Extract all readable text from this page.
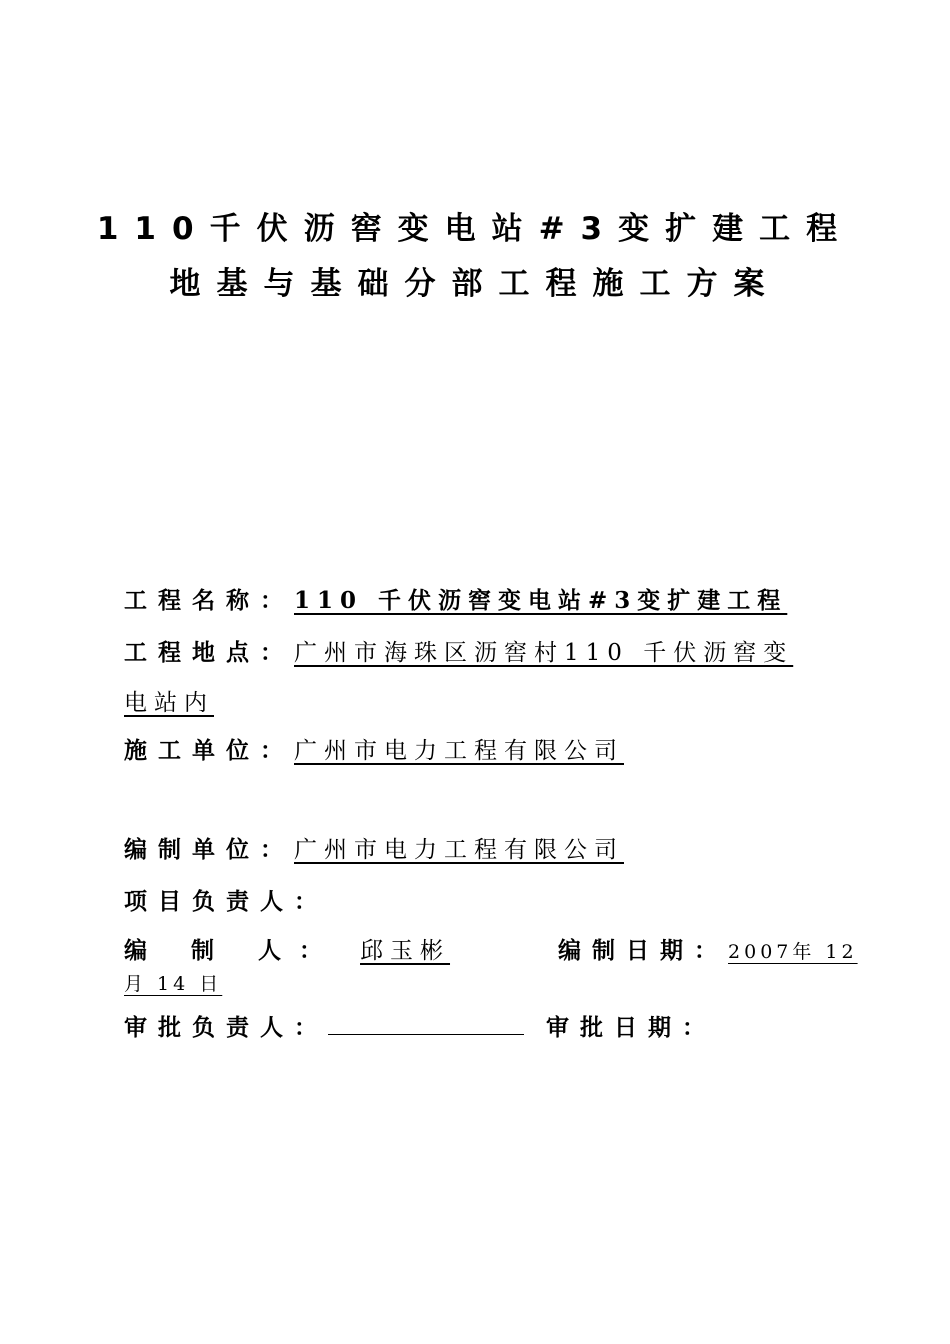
110千伏沥窖变电站#3变扩建工程
地基与基础分部工程施工方案
工程名称：110 千伏沥窖变电站#3变扩建工程
工程地点：广州市海珠区沥窖村110 千伏沥窖变
电站内
施工单位：广州市电力工程有限公司
编制单位：广州市电力工程有限公司
项目负责人：
编 制 人： 邱玉彬	编制日期：2007年 12
月 14 日
审批负责人：	审批日期：
